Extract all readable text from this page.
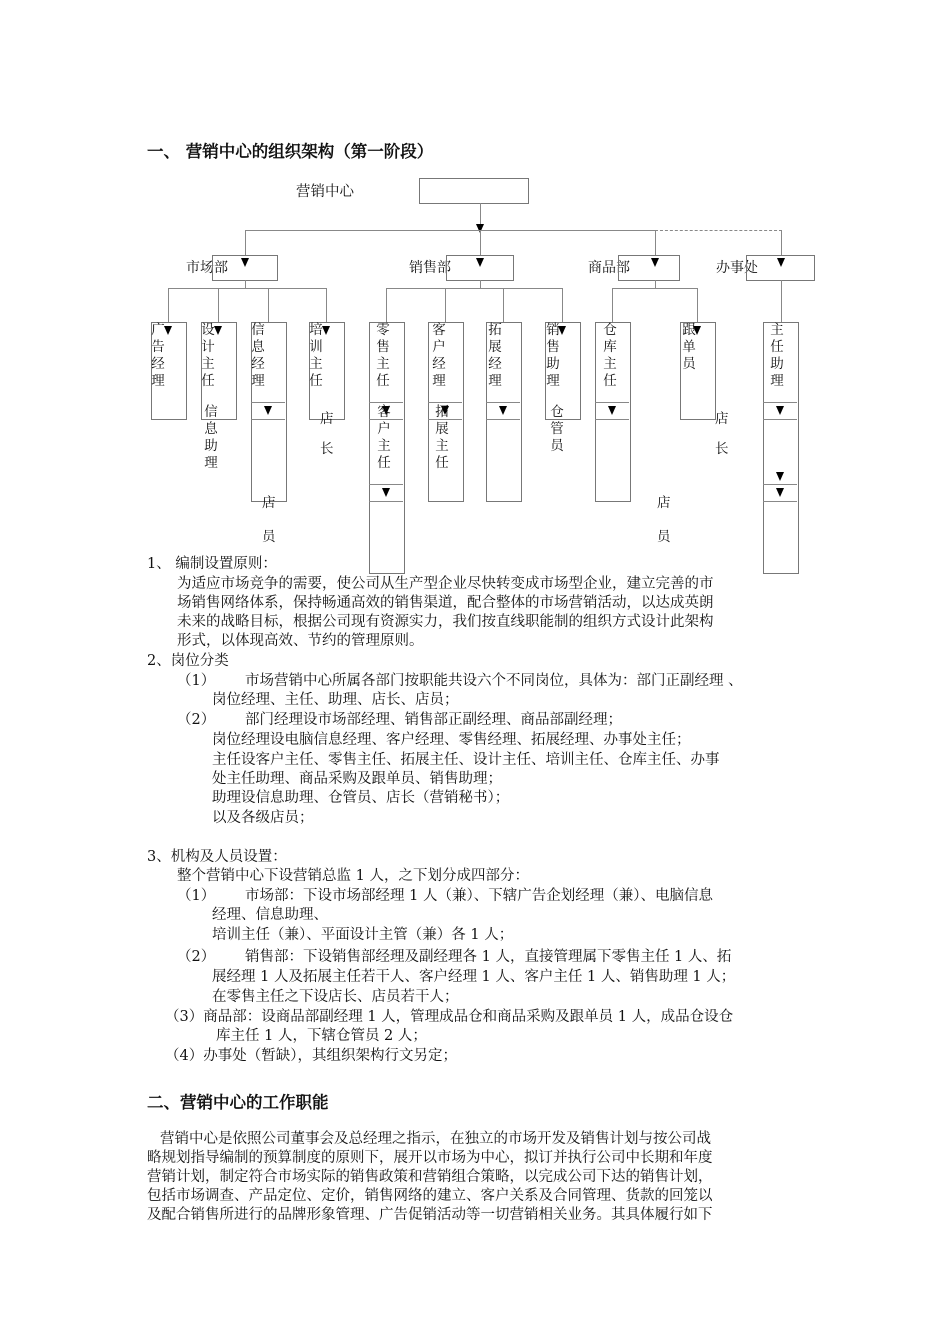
一、 营销中心的组织架构（第一阶段）
营销中心
市场部	销售部	商品部	办事处
广告经理
设计主任
信息助理
信息经理
店员
培训主任
店长
零售主任
客户主任
客户经理
拓展主任
拓展经理
销售助理
仓管员
仓库主任
店员
跟单员
店长
主任助理
1、 编制设置原则：
为适应市场竞争的需要，使公司从生产型企业尽快转变成市场型企业，建立完善的市
场销售网络体系，保持畅通高效的销售渠道，配合整体的市场营销活动，以达成英朗
未来的战略目标，根据公司现有资源实力，我们按直线职能制的组织方式设计此架构
形式，以体现高效、节约的管理原则。
2、岗位分类
（1） 市场营销中心所属各部门按职能共设六个不同岗位，具体为：部门正副经理 、
岗位经理、主任、助理、店长、店员；
（2） 部门经理设市场部经理、销售部正副经理、商品部副经理；
岗位经理设电脑信息经理、客户经理、零售经理、拓展经理、办事处主任；
主任设客户主任、零售主任、拓展主任、设计主任、培训主任、仓库主任、办事
处主任助理、商品采购及跟单员、销售助理；
助理设信息助理、仓管员、店长（营销秘书）；
以及各级店员；
3、机构及人员设置：
整个营销中心下设营销总监 1 人，之下划分成四部分：
（1） 市场部：下设市场部经理 1 人（兼）、下辖广告企划经理（兼）、电脑信息
经理、信息助理、
培训主任（兼）、平面设计主管（兼）各 1 人；
（2） 销售部：下设销售部经理及副经理各 1 人，直接管理属下零售主任 1 人、拓
展经理 1 人及拓展主任若干人、客户经理 1 人、客户主任 1 人、销售助理 1 人；
在零售主任之下设店长、店员若干人；
（3）商品部：设商品部副经理 1 人，管理成品仓和商品采购及跟单员 1 人，成品仓设仓
库主任 1 人，下辖仓管员 2 人；
（4）办事处（暂缺），其组织架构行文另定；
二、营销中心的工作职能
营销中心是依照公司董事会及总经理之指示，在独立的市场开发及销售计划与按公司战
略规划指导编制的预算制度的原则下，展开以市场为中心，拟订并执行公司中长期和年度
营销计划，制定符合市场实际的销售政策和营销组合策略，以完成公司下达的销售计划，
包括市场调查、产品定位、定价，销售网络的建立、客户关系及合同管理、货款的回笼以
及配合销售所进行的品牌形象管理、广告促销活动等一切营销相关业务。其具体履行如下
